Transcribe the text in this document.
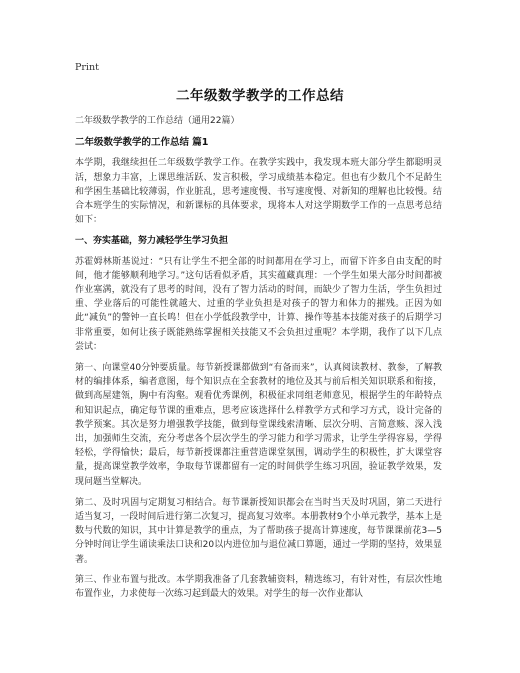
Print
二年级数学教学的工作总结

二年级数学教学的工作总结（通用22篇）

二年级数学教学的工作总结 篇1

本学期，我继续担任二年级数学教学工作。在教学实践中，我发现本班大部分学生都聪明灵活，想象力丰富，上课思维活跃、发言积极，学习成绩基本稳定。但也有少数几个不足龄生和学困生基础比较薄弱，作业脏乱，思考速度慢、书写速度慢、对新知的理解也比较慢。结合本班学生的实际情况，和新课标的具体要求，现将本人对这学期数学工作的一点思考总结如下：

一、夯实基础，努力减轻学生学习负担

苏霍姆林斯基说过：“只有让学生不把全部的时间都用在学习上，而留下许多自由支配的时间，他才能够顺利地学习。”这句话看似矛盾，其实蕴藏真理：一个学生如果大部分时间都被作业塞满，就没有了思考的时间，没有了智力活动的时间，而缺少了智力生活，学生负担过重、学业落后的可能性就越大、过重的学业负担是对孩子的智力和体力的摧残。正因为如此“减负”的警钟一直长鸣！但在小学低段教学中，计算、操作等基本技能对孩子的后期学习非常重要，如何让孩子既能熟练掌握相关技能又不会负担过重呢？本学期，我作了以下几点尝试：

第一、向课堂40分钟要质量。每节新授课都做到“有备而来”，认真阅读教材、教参，了解教材的编排体系，编者意图，每个知识点在全套教材的地位及其与前后相关知识联系和衔接，做到高屋建瓴，胸中有沟壑。观看优秀课例，积极征求同组老师意见，根据学生的年龄特点和知识起点，确定每节课的重难点，思考应该选择什么样教学方式和学习方式，设计完备的教学预案。其次是努力增强教学技能，做到每堂课线索清晰、层次分明、言简意赅、深入浅出，加强师生交流，充分考虑各个层次学生的学习能力和学习需求，让学生学得容易，学得轻松，学得愉快；最后，每节新授课都注重营造课堂氛围，调动学生的积极性，扩大课堂容量，提高课堂教学效率，争取每节课都留有一定的时间供学生练习巩固，验证教学效果，发现问题当堂解决。

第二、及时巩固与定期复习相结合。每节课新授知识都会在当时当天及时巩固，第二天进行适当复习，一段时间后进行第二次复习，提高复习效率。本册教材9个小单元教学，基本上是数与代数的知识，其中计算是教学的重点，为了帮助孩子提高计算速度，每节课课前花3—5分钟时间让学生诵读乘法口诀和20以内进位加与退位减口算题，通过一学期的坚持，效果显著。

第三、作业布置与批改。本学期我准备了几套教辅资料，精选练习，有针对性，有层次性地布置作业，力求使每一次练习起到最大的效果。对学生的每一次作业都认
